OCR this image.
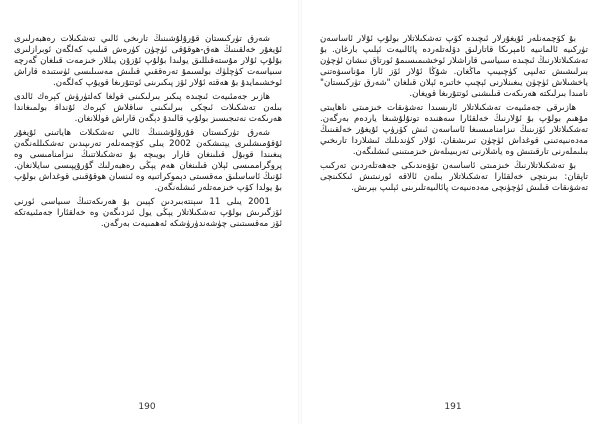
ﺷﻪﺭﻕ ﺗﯜﺭﻛﯩﺴﺘﺎﻥ ﻗﯘﺭﯗﻟﯘﺷﯩﻨﯩﯔ ﺗﺎﺭﯨﺨﻰ ﺋﺎﻟﯩﻲ ﺗﻪﺷﻜﯩﻼﺕ ﺭﻩﮬﺒﻪﺭﻟﯩﺮﻯ ﺋﯘﻳﻐﯘﺭ ﺧﻪﻟﻘﯩﻨﯩﯔ ﮬﻪﻕ-ﮬﻮﻗﯘﻗﻰ ﺋﯜﭼﯜﻥ ﻛﯜﺭﻩﺵ ﻗﯩﻠﯩﭗ ﻛﻪﻟﮕﻪﻥ ﺋﻮﺑﺮﺍﺯﻟﯩﺮﻯ ﺑﯘﻟﯘﭖ ﺋﯘﻻﺭ ﻣﯘﺳﺘﻪﻗﯩﻠﻠﯩﻖ ﻳﻮﻟﯩﺪﺍ ﺑﯘﻟﯘﭖ ﺋﯘﺯﯗﻥ ﻳﯩﻠﻼﺭ ﺧﯩﺰﻣﻪﺕ ﻗﯩﻠﻐﺎﻥ ﮔﻪﺭﭼﻪ ﺳﯩﻴﺎﺳﻪﺕ ﻛﯜﭼﻠﯜﻙ ﺑﻮﻟﺴﯩﻤﯘ ﺗﻪﺭﻩﻗﻘﯩﻲ ﻗﯩﻠﯩﺶ ﻣﻪﺳﯩﻠﯩﺴﻰ ﺋﯜﺳﺘﯩﺪﻩ ﻗﺎﺭﺍﺵ ﺋﻮﺧﺸﯩﻤﺎﻳﺪﯗ ﺑﯘ ﮬﻪﻗﺘﻪ ﺋﯘﻻﺭ ﺋﯚﺯ ﭘﯩﻜﯩﺮﯨﻨﻰ ﺋﻮﺗﺘﯘﺭﯨﻐﺎ ﻗﻮﻳﯘﭖ ﻛﻪﻟﮕﻪﻥ.

ﮬﺎﺯﯨﺮ ﺟﻪﻣﺌﯩﻴﻪﺕ ﺋﯩﭽﯩﺪﻩ ﭘﯩﻜﯩﺮ ﺑﯩﺮﻟﯩﻜﯩﻨﻰ ﻗﻮﻟﻐﺎ ﻛﻪﻟﺘﯜﺭﯛﺵ ﻛﯧﺮﻩﻙ ﺋﺎﻟﺪﻯ ﺑﯩﻠﻪﻥ ﺗﻪﺷﻜﯩﻼﺕ ﺋﯩﭽﻜﻰ ﺑﯩﺮﻟﯩﻜﯩﻨﻰ ﺳﺎﻗﻼﺵ ﻛﯧﺮﻩﻙ ﺋﯘﻧﺪﺍﻗ ﺑﻮﻟﻤﯩﻐﺎﻧﺪﺍ ﮬﻪﺭﯨﻜﻪﺕ ﻧﻪﺗﯩﺠﯩﺴﯩﺰ ﺑﻮﻟﯘﭖ ﻗﺎﻟﯩﺪﯗ ﺩﯦﮕﻪﻥ ﻗﺎﺭﺍﺵ ﻗﻮﻟﻼﻧﻐﺎﻥ.

ﺷﻪﺭﻕ ﺗﯜﺭﻛﯩﺴﺘﺎﻥ ﻗﯘﺭﯗﻟﯘﺷﯩﻨﯩﯔ ﺋﺎﻟﯩﻲ ﺗﻪﺷﻜﯩﻼﺕ ﮬﺎﻳﺎﺗﯩﻨﻰ ﺋﯘﻳﻐﯘﺭ ﺋﯘﻗﯘﻣﯩﺸﻠﯩﺮﻯ ﻳﯧﺘﯩﺸﻜﻪﻥ 2002 ﻳﯩﻠﻰ ﻛﯚﭼﻤﻪﻧﻠﻪﺭ ﺗﻪﺭﯨﭙﯩﺪﯨﻦ ﺗﻪﺷﻜﯩﻠﻠﻪﻧﮕﻪﻥ ﻳﯩﻐﯩﻨﺪﺍ ﻗﻮﺑﯘﻝ ﻗﯩﻠﯩﻨﻐﺎﻥ ﻗﺎﺭﺍﺭ ﺑﻮﻳﯩﭽﻪ ﺑﯘ ﺗﻪﺷﻜﯩﻼﺗﻨﯩﯔ ﻧﯩﺰﺍﻣﻨﺎﻣﯩﺴﻰ ﻭﻩ ﭘﺮﻭﮔﺮﺍﻣﻤﯩﺴﻰ ﺋﯧﻼﻥ ﻗﯩﻠﯩﻨﻐﺎﻥ ﮬﻪﻡ ﻳﯧﯖﻰ ﺭﻩﮬﺒﻪﺭﻟﯩﻚ ﮔﯘﺭﯗﭘﭙﯩﺴﻰ ﺳﺎﻳﻼﻧﻐﺎﻥ. ﺋﯘﻧﯩﯔ ﺋﺎﺳﺎﺳﻠﯩﻖ ﻣﻪﻗﺴﯩﺘﻰ ﺩﯦﻤﻮﻛﺮﺍﺗﯩﻴﻪ ﻭﻩ ﺋﯩﻨﺴﺎﻥ ﮬﻮﻗﯘﻗﯩﻨﻰ ﻗﻮﻏﺪﺍﺵ ﺑﻮﻟﯘﭖ ﺑﯘ ﻳﻮﻟﺪﺍ ﻛﯚﭖ ﺧﯩﺰﻣﻪﺗﻠﻪﺭ ﺋﯩﺸﻠﻪﻧﮕﻪﻥ.

2001 ﻳﯩﻠﻰ 11 ﺳﯧﻨﺘﻪﺑﯩﺮﺩﯨﻦ ﻛﯧﻴﯩﻦ ﺑﯘ ﮬﻪﺭﯨﻜﻪﺗﻨﯩﯔ ﺳﯩﻴﺎﺳﻰ ﺋﻮﺭﻧﻰ ﺋﯚﺯﮔﯩﺮﯨﺶ ﺑﻮﻟﯘﭖ ﺗﻪﺷﻜﯩﻼﺗﻼﺭ ﻳﯧﯖﻰ ﻳﻮﻝ ﺋﯩﺰﺩﯨﮕﻪﻥ ﻭﻩ ﺧﻪﻟﻘﺌﺎﺭﺍ ﺟﻪﻣﺌﯩﻴﻪﺗﻜﻪ ﺋﯚﺯ ﻣﻪﻗﺴﯩﺘﯩﻨﻰ ﭼﯜﺷﻪﻧﺪﯛﺭﯛﺷﻜﻪ ﺋﻪﮬﻤﯩﻴﻪﺕ ﺑﻪﺭﮔﻪﻥ.

190

ﺑﯘ ﻛﯚﭼﻤﻪﻧﻠﻪﺭ ﺋﯘﻳﻐﯘﺭﻻﺭ ﺋﯩﭽﯩﺪﻩ ﻛﯚﭖ ﺗﻪﺷﻜﯩﻼﺗﻼﺭ ﺑﻮﻟﯘﭖ ﺋﯘﻻﺭ ﺋﺎﺳﺎﺳﻪﻥ ﺗﯜﺭﻛﯩﻴﻪ ﺋﺎﻟﻤﺎﻧﯩﻴﻪ ﺋﺎﻣﯧﺮﯨﻜﺎ ﻗﺎﺗﺎﺭﻟﯩﻖ ﺩﯙﻟﻪﺗﻠﻪﺭﺩﻩ ﭘﺎﺋﺎﻟﯩﻴﻪﺕ ﺋﯧﻠﯩﭗ ﺑﺎﺭﻏﺎﻥ. ﺑﯘ ﺗﻪﺷﻜﯩﻼﺗﻼﺭﻧﯩﯔ ﺋﯩﭽﯩﺪﻩ ﺳﯩﻴﺎﺳﻰ ﻗﺎﺭﺍﺷﻼﺭ ﺋﻮﺧﺸﯩﻤﯩﺴﯩﻤﯘ ﺋﻮﺭﺗﺎﻕ ﻧﯩﺸﺎﻥ ﺋﯜﭼﯜﻥ ﺑﯩﺮﻟﯩﺸﯩﺶ ﺗﻪﻟﯩﭙﻰ ﻛﯜﭼﯩﻴﯩﭗ ﻣﺎﯕﻐﺎﻥ. ﺷﯘﯕﺎ ﺋﯘﻻﺭ ﺋﯚﺯ ﺋﺎﺭﺍ ﻣﯘﻧﺎﺳﯩﯟﻩﺗﻨﻰ ﻳﺎﺧﺸﯩﻼﺵ ﺋﯜﭼﯜﻥ ﻳﯩﻐﯩﻨﻼﺭﻧﻰ ﺋﯧﭽﯩﭗ ﺧﺎﺗﯩﺮﻩ ﺋﯧﻼﻥ ﻗﯩﻠﻐﺎﻥ "ﺷﻪﺭﻕ ﺗﯜﺭﻛﯩﺴﺘﺎﻥ" ﻧﺎﻣﯩﺪﺍ ﺑﯩﺮﻟﯩﻜﺘﻪ ﮬﻪﺭﯨﻜﻪﺕ ﻗﯩﻠﯩﺸﻨﻰ ﺋﻮﺗﺘﯘﺭﯨﻐﺎ ﻗﻮﻳﻐﺎﻥ.

ﮬﺎﺯﯨﺮﻗﻰ ﺟﻪﻣﺌﯩﻴﻪﺕ ﺗﻪﺷﻜﯩﻼﺗﻼﺭ ﺋﺎﺭﯨﺴﯩﺪﺍ ﺗﻪﺷﯟﯨﻘﺎﺕ ﺧﯩﺰﻣﯩﺘﻰ ﻧﺎﮬﺎﻳﯩﺘﻰ ﻣﯘﮬﯩﻢ ﺑﻮﻟﯘﭖ ﺑﯘ ﺋﯘﻻﺭﻧﯩﯔ ﺧﻪﻟﻘﺌﺎﺭﺍ ﺳﻪﮬﻨﯩﺪﻩ ﺗﻮﻧﯘﻟﯘﺷﯩﻐﺎ ﻳﺎﺭﺩﻩﻡ ﺑﻪﺭﮔﻪﻥ. ﺗﻪﺷﻜﯩﻼﺗﻼﺭ ﺋﯚﺯﯨﻨﯩﯔ ﻧﯩﺰﺍﻣﻨﺎﻣﯩﺴﯩﻐﺎ ﺋﺎﺳﺎﺳﻪﻥ ﺋﯩﺶ ﻛﯚﺭﯛﭖ ﺋﯘﻳﻐﯘﺭ ﺧﻪﻟﻘﯩﻨﯩﯔ ﻣﻪﺩﻩﻧﯩﻴﻪﺗﯩﻨﻰ ﻗﻮﻏﺪﺍﺵ ﺋﯜﭼﯜﻥ ﺗﯩﺮﯨﺸﻘﺎﻥ. ﺋﯘﻻﺭ ﻛﯜﻧﺪﯨﻠﯩﻚ ﺋﯩﺸﻼﺭﺩﺍ ﺗﺎﺭﯨﺨﯩﻲ ﺑﯩﻠﯩﻤﻠﻪﺭﻧﻰ ﺗﺎﺭﻗﯩﺘﯩﺶ ﻭﻩ ﻳﺎﺷﻼﺭﻧﻰ ﺗﻪﺭﺑﯩﻴﯩﻠﻪﺵ ﺧﯩﺰﻣﯩﺘﯩﻨﻰ ﺋﯩﺸﻠﯩﮕﻪﻥ.

ﺑﯘ ﺗﻪﺷﻜﯩﻼﺗﻼﺭﻧﯩﯔ ﺧﯩﺰﻣﯩﺘﻰ ﺋﺎﺳﺎﺳﻪﻥ ﺗﯚﯞﻩﻧﺪﯨﻜﻰ ﺟﻪﮬﻪﺗﻠﻪﺭﺩﯨﻦ ﺗﻪﺭﻛﯩﺐ ﺗﺎﭘﻘﺎﻥ: ﺑﯩﺮﯨﻨﭽﻰ ﺧﻪﻟﻘﺌﺎﺭﺍ ﺗﻪﺷﻜﯩﻼﺗﻼﺭ ﺑﯩﻠﻪﻥ ﺋﺎﻻﻗﻪ ﺋﻮﺭﻧﯩﺘﯩﺶ ﺋﯩﻜﻜﯩﻨﭽﻰ ﺗﻪﺷﯟﯨﻘﺎﺕ ﻗﯩﻠﯩﺶ ﺋﯜﭼﯜﻧﭽﻰ ﻣﻪﺩﻩﻧﯩﻴﻪﺕ ﭘﺎﺋﺎﻟﯩﻴﻪﺗﻠﯩﺮﯨﻨﻰ ﺋﯧﻠﯩﭗ ﺑﯧﺮﯨﺶ.

191
